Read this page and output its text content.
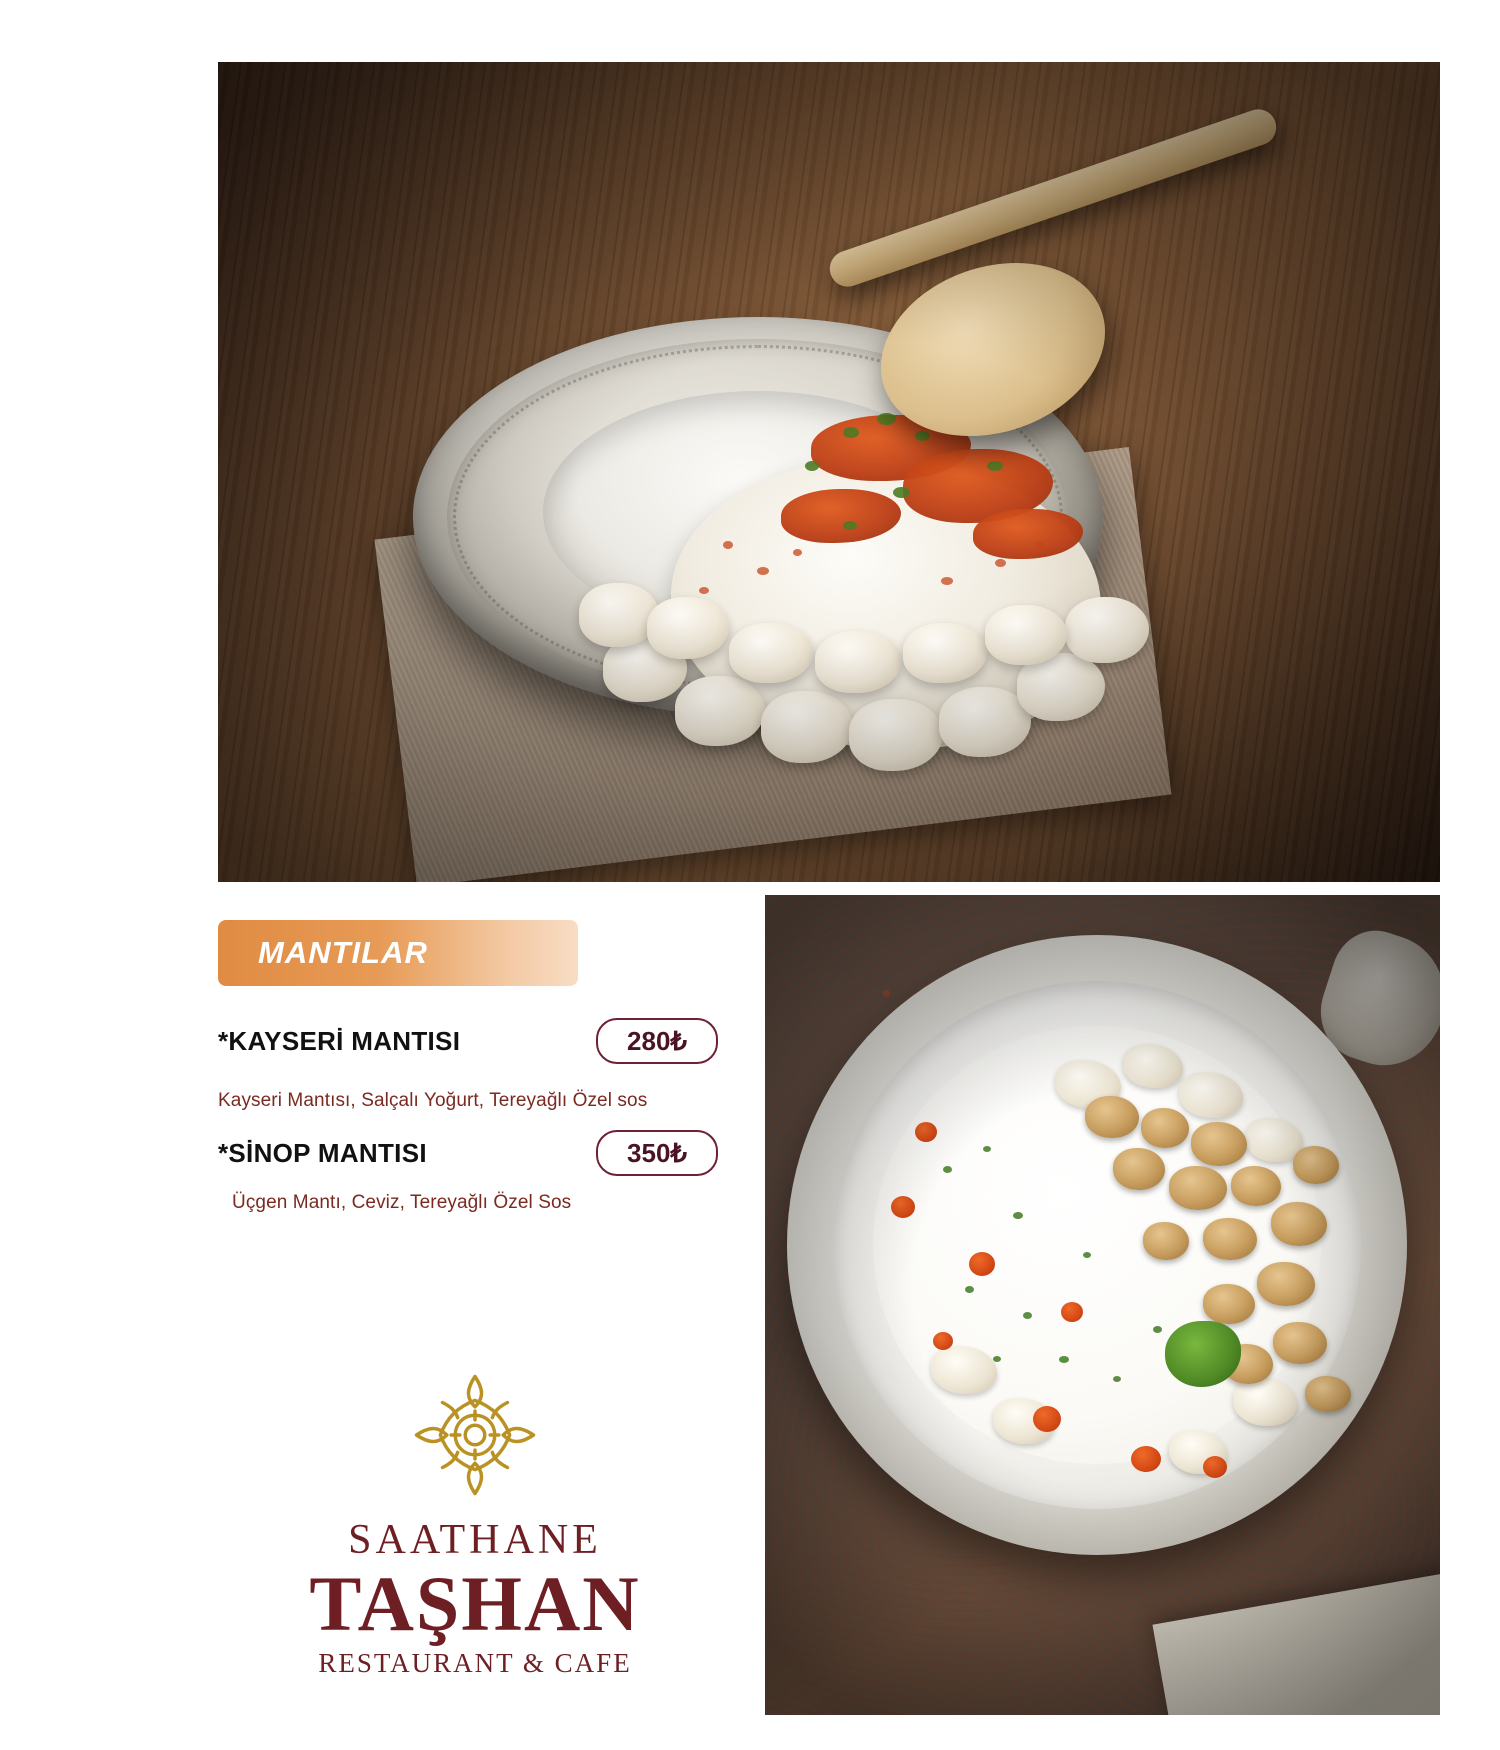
MANTILAR
*KAYSERİ MANTISI	280₺
Kayseri Mantısı, Salçalı Yoğurt, Tereyağlı Özel sos
*SİNOP MANTISI	350₺
Üçgen Mantı, Ceviz, Tereyağlı Özel Sos
SAATHANE
TAŞHAN
RESTAURANT & CAFE
